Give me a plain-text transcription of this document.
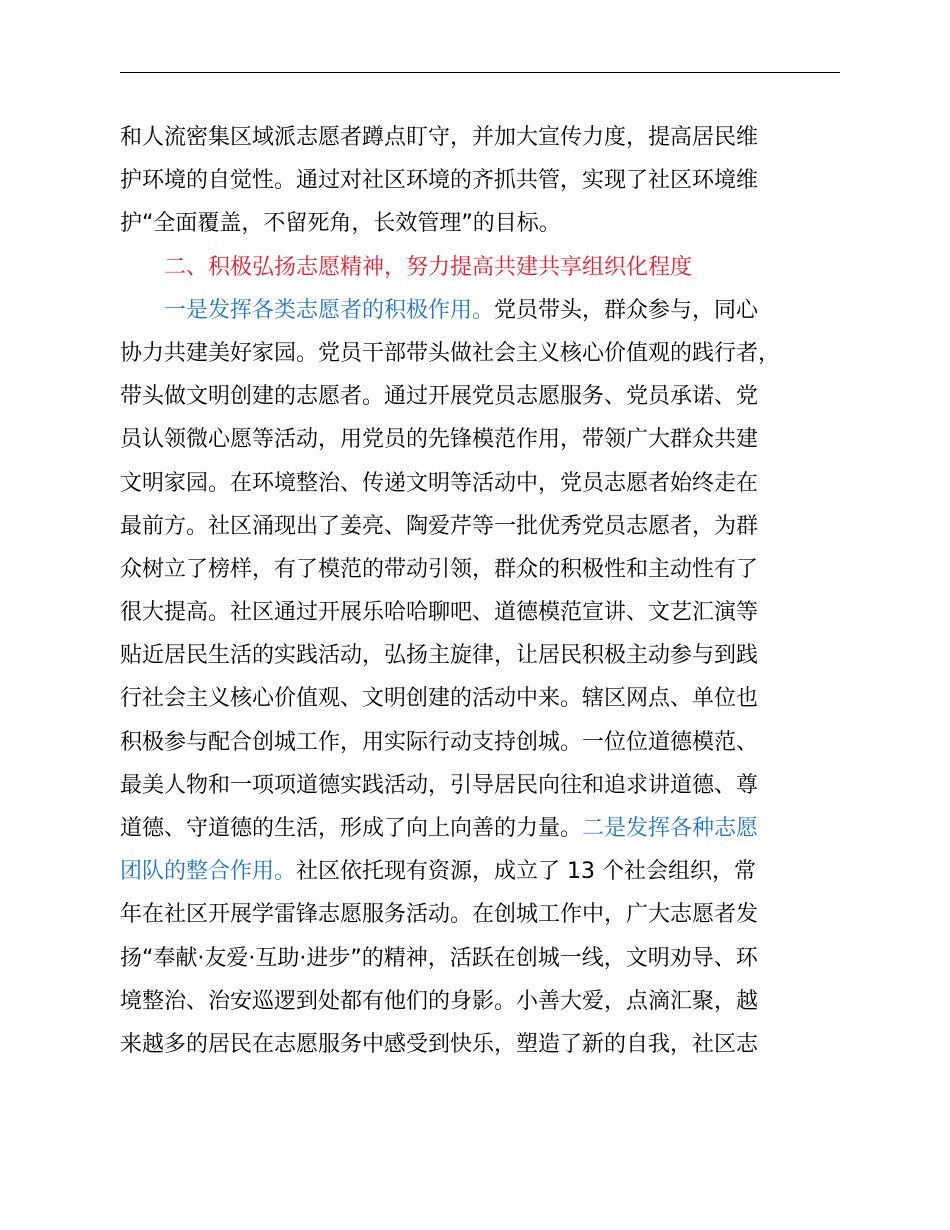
和人流密集区域派志愿者蹲点盯守，并加大宣传力度，提高居民维
护环境的自觉性。通过对社区环境的齐抓共管，实现了社区环境维
护“全面覆盖，不留死角，长效管理”的目标。
二、积极弘扬志愿精神，努力提高共建共享组织化程度
一是发挥各类志愿者的积极作用。党员带头，群众参与，同心
协力共建美好家园。党员干部带头做社会主义核心价值观的践行者，
带头做文明创建的志愿者。通过开展党员志愿服务、党员承诺、党
员认领微心愿等活动，用党员的先锋模范作用，带领广大群众共建
文明家园。在环境整治、传递文明等活动中，党员志愿者始终走在
最前方。社区涌现出了姜亮、陶爱芹等一批优秀党员志愿者，为群
众树立了榜样，有了模范的带动引领，群众的积极性和主动性有了
很大提高。社区通过开展乐哈哈聊吧、道德模范宣讲、文艺汇演等
贴近居民生活的实践活动，弘扬主旋律，让居民积极主动参与到践
行社会主义核心价值观、文明创建的活动中来。辖区网点、单位也
积极参与配合创城工作，用实际行动支持创城。一位位道德模范、
最美人物和一项项道德实践活动，引导居民向往和追求讲道德、尊
道德、守道德的生活，形成了向上向善的力量。二是发挥各种志愿
团队的整合作用。社区依托现有资源，成立了 13 个社会组织，常
年在社区开展学雷锋志愿服务活动。在创城工作中，广大志愿者发
扬“奉献·友爱·互助·进步”的精神，活跃在创城一线，文明劝导、环
境整治、治安巡逻到处都有他们的身影。小善大爱，点滴汇聚，越
来越多的居民在志愿服务中感受到快乐，塑造了新的自我，社区志
